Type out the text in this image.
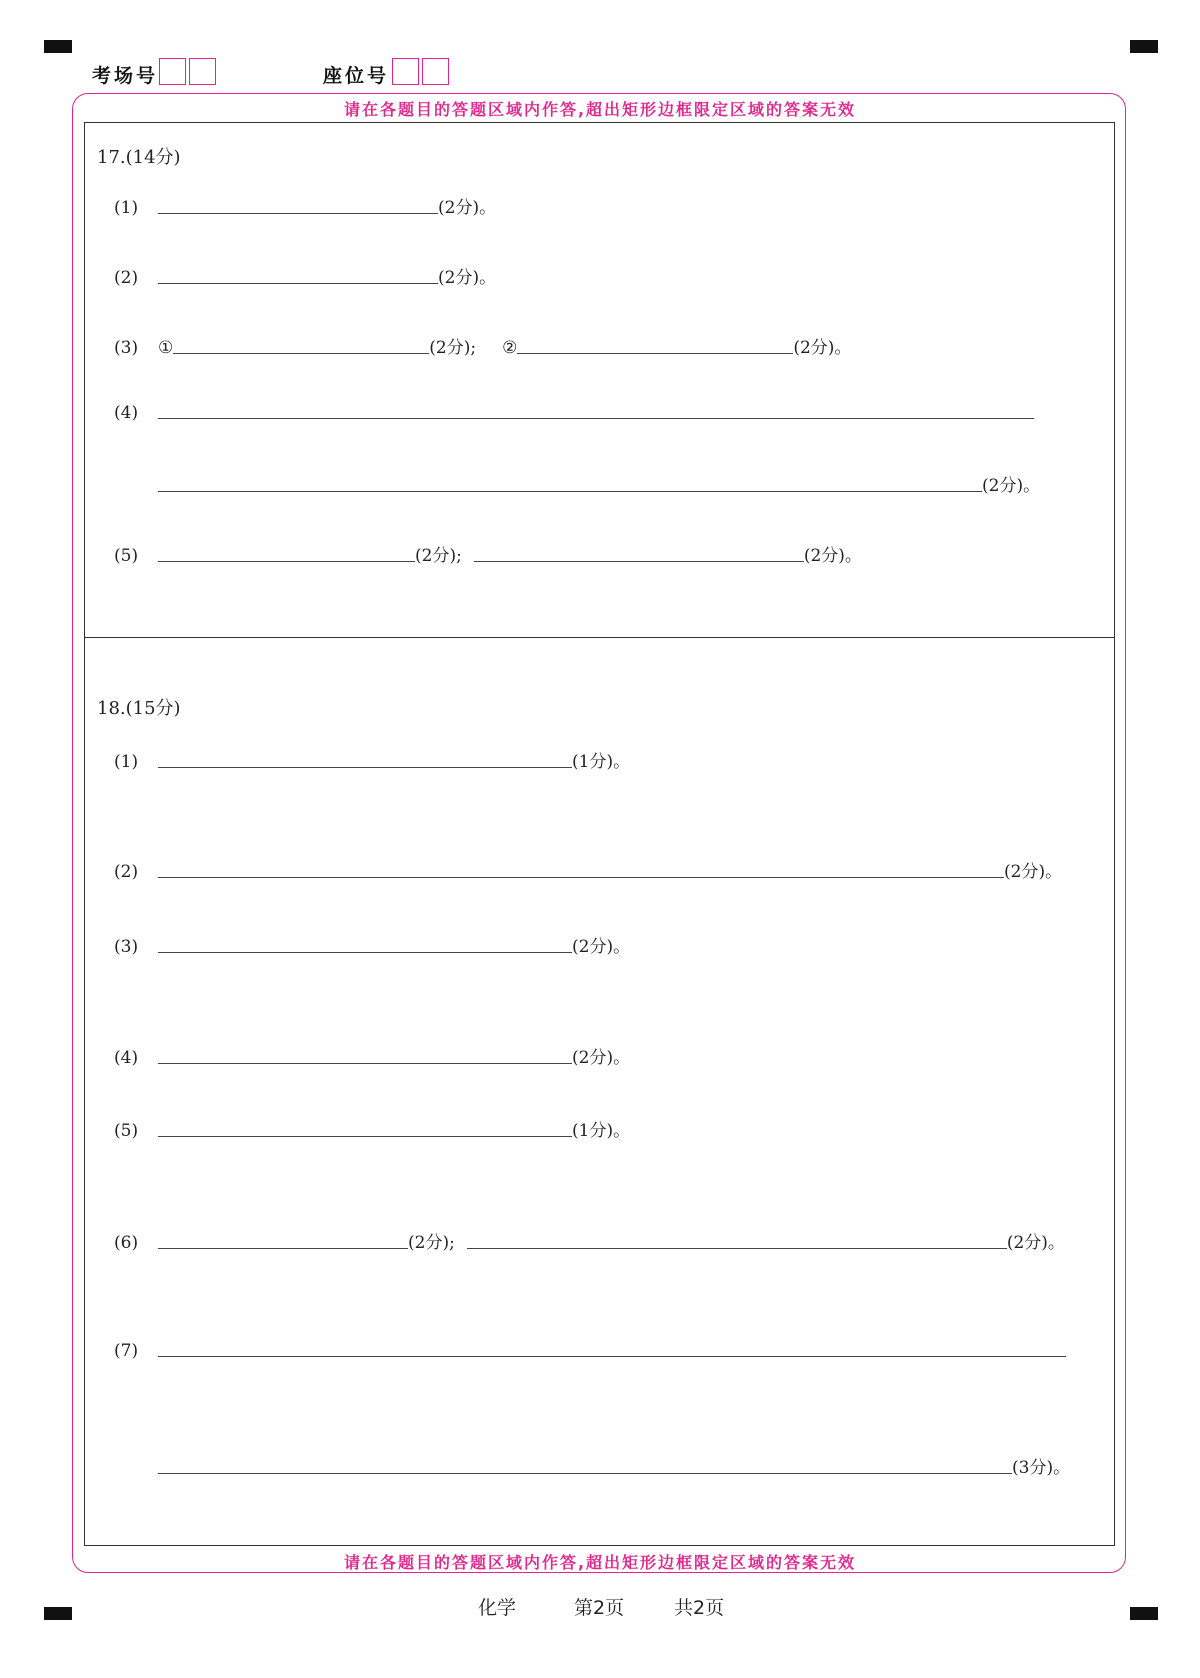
考场号	座位号
请在各题目的答题区域内作答,超出矩形边框限定区域的答案无效
请在各题目的答题区域内作答,超出矩形边框限定区域的答案无效
17.(14分)
(1)	(2分)。
(2)	(2分)。
(3)	①	(2分); ②	(2分)。
(4)
(2分)。
(5)	(2分);	(2分)。
18.(15分)
(1)	(1分)。
(2)	(2分)。
(3)	(2分)。
(4)	(2分)。
(5)	(1分)。
(6)	(2分);	(2分)。
(7)
(3分)。
化学	第2页	共2页
